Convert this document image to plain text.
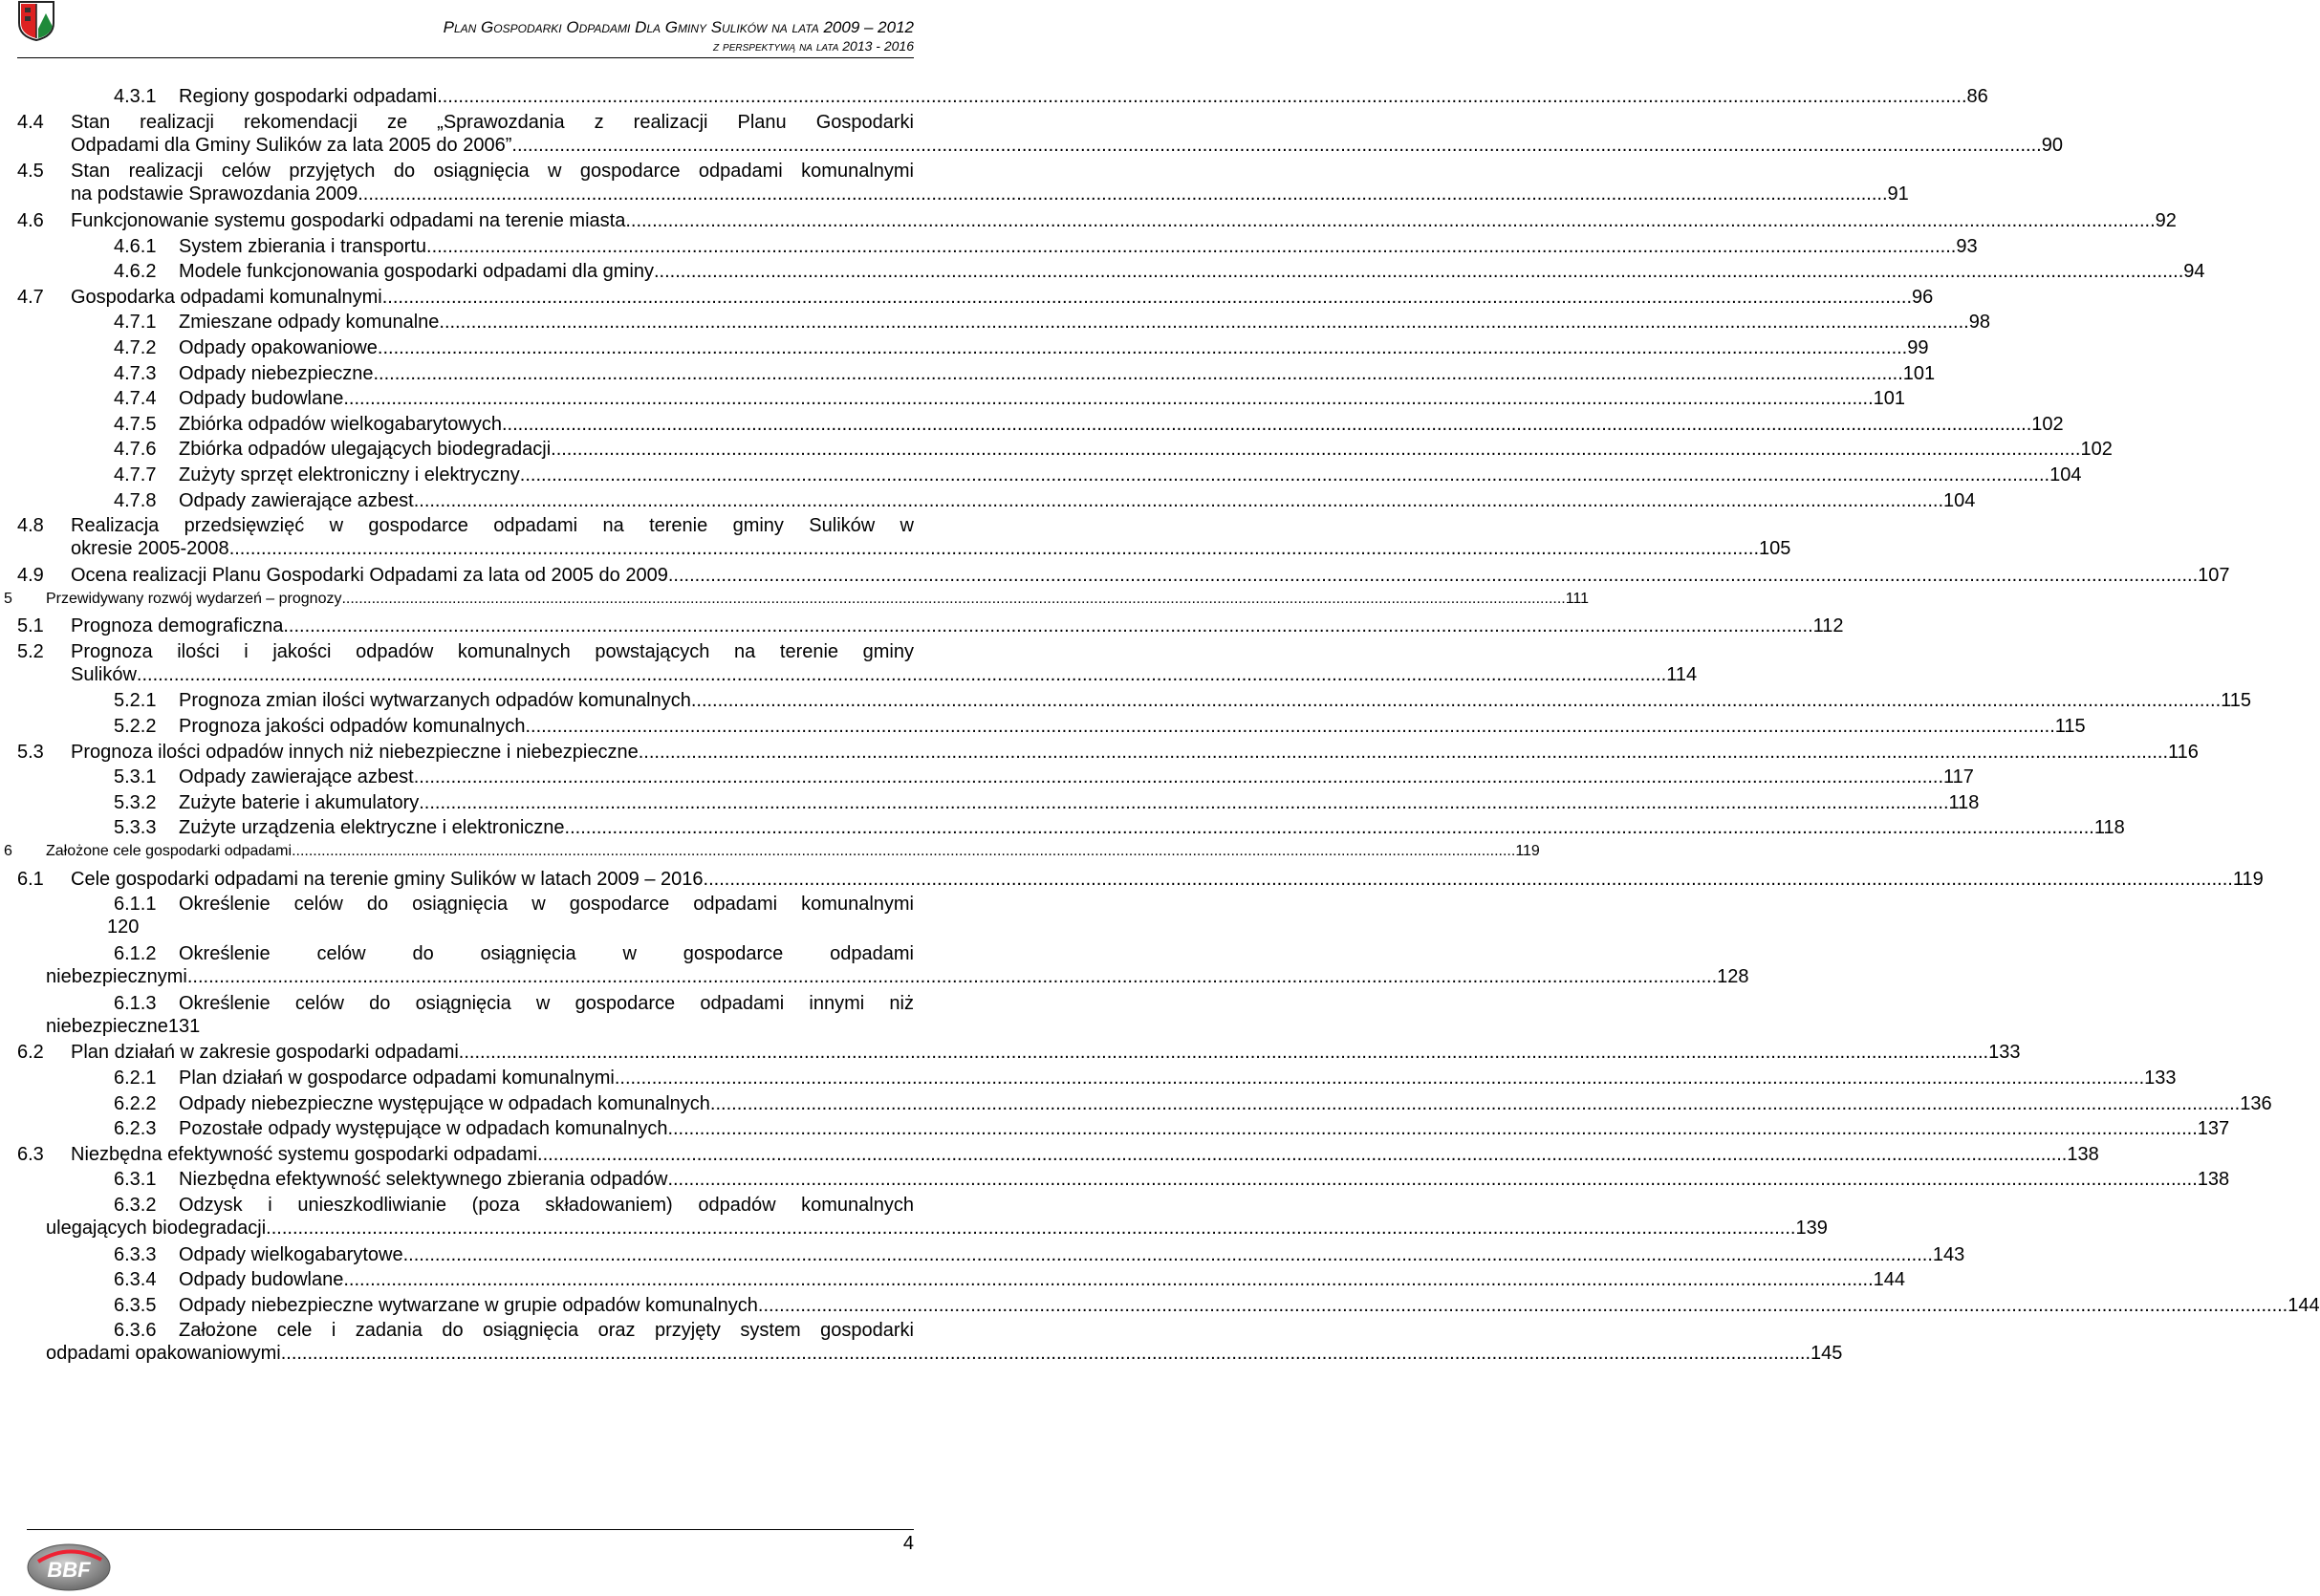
Plan Gospodarki Odpadami Dla Gminy Sulików na lata 2009 – 2012
z perspektywą na lata 2013 - 2016
4.3.1	Regiony gospodarki odpadami .....	86
4.4	Stan realizacji rekomendacji ze „Sprawozdania z realizacji Planu Gospodarki
Odpadami dla Gminy Sulików za lata 2005 do 2006” .....	90
4.5	Stan realizacji celów przyjętych do osiągnięcia w gospodarce odpadami komunalnymi
na podstawie Sprawozdania 2009 .....	91
4.6	Funkcjonowanie systemu gospodarki odpadami na terenie miasta .....	92
4.6.1	System zbierania i transportu .....	93
4.6.2	Modele funkcjonowania gospodarki odpadami dla gminy .....	94
4.7	Gospodarka odpadami komunalnymi .....	96
4.7.1	Zmieszane odpady komunalne .....	98
4.7.2	Odpady opakowaniowe .....	99
4.7.3	Odpady niebezpieczne .....	101
4.7.4	Odpady budowlane .....	101
4.7.5	Zbiórka odpadów wielkogabarytowych .....	102
4.7.6	Zbiórka odpadów ulegających biodegradacji .....	102
4.7.7	Zużyty sprzęt elektroniczny i elektryczny .....	104
4.7.8	Odpady zawierające azbest .....	104
4.8	Realizacja przedsięwzięć w gospodarce odpadami na terenie gminy Sulików w
okresie 2005-2008 .....	105
4.9	Ocena realizacji Planu Gospodarki Odpadami za lata od 2005 do 2009 .....	107
5	Przewidywany rozwój wydarzeń – prognozy .....	111
5.1	Prognoza demograficzna .....	112
5.2	Prognoza ilości i jakości odpadów komunalnych powstających na terenie gminy
Sulików .....	114
5.2.1	Prognoza zmian ilości wytwarzanych odpadów komunalnych .....	115
5.2.2	Prognoza jakości odpadów komunalnych .....	115
5.3	Prognoza ilości odpadów innych niż niebezpieczne i niebezpieczne .....	116
5.3.1	Odpady zawierające azbest .....	117
5.3.2	Zużyte baterie i akumulatory .....	118
5.3.3	Zużyte urządzenia elektryczne i elektroniczne .....	118
6	Założone cele gospodarki odpadami .....	119
6.1	Cele gospodarki odpadami na terenie gminy Sulików w latach 2009 – 2016 .....	119
6.1.1	Określenie celów do osiągnięcia w gospodarce odpadami komunalnymi
120
6.1.2	Określenie celów do osiągnięcia w gospodarce odpadami
niebezpiecznymi .....	128
6.1.3	Określenie celów do osiągnięcia w gospodarce odpadami innymi niż
niebezpieczne 131
6.2	Plan działań w zakresie gospodarki odpadami .....	133
6.2.1	Plan działań w gospodarce odpadami komunalnymi .....	133
6.2.2	Odpady niebezpieczne występujące w odpadach komunalnych .....	136
6.2.3	Pozostałe odpady występujące w odpadach komunalnych .....	137
6.3	Niezbędna efektywność systemu gospodarki odpadami .....	138
6.3.1	Niezbędna efektywność selektywnego zbierania odpadów .....	138
6.3.2	Odzysk i unieszkodliwianie (poza składowaniem) odpadów komunalnych
ulegających biodegradacji .....	139
6.3.3	Odpady wielkogabarytowe .....	143
6.3.4	Odpady budowlane .....	144
6.3.5	Odpady niebezpieczne wytwarzane w grupie odpadów komunalnych .....	144
6.3.6	Założone cele i zadania do osiągnięcia oraz przyjęty system gospodarki
odpadami opakowaniowymi .....	145
4
BBF
